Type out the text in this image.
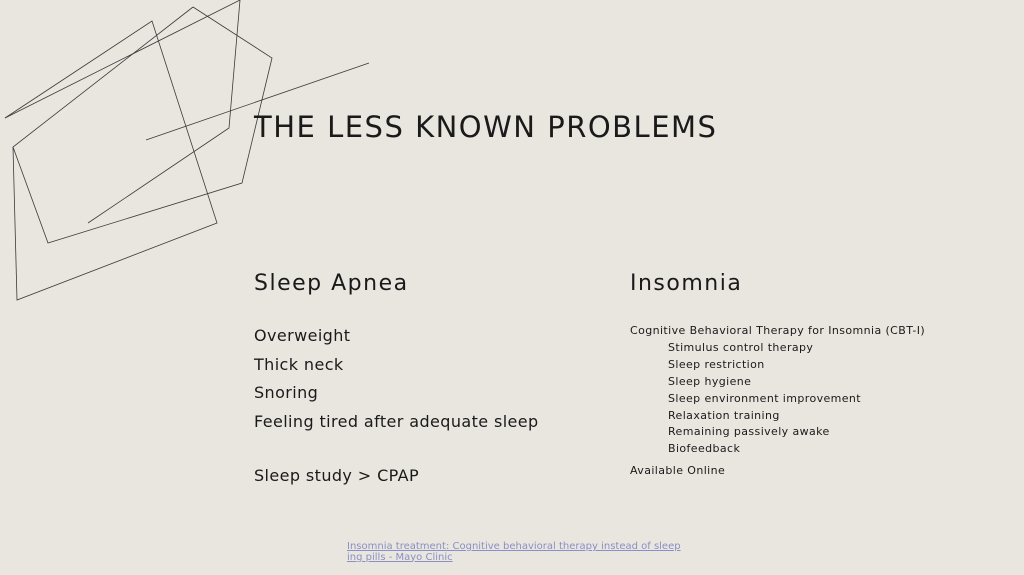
THE LESS KNOWN PROBLEMS
Sleep Apnea
Overweight
Thick neck
Snoring
Feeling tired after adequate sleep
Sleep study > CPAP
Insomnia
Cognitive Behavioral Therapy for Insomnia (CBT-I)
Stimulus control therapy
Sleep restriction
Sleep hygiene
Sleep environment improvement
Relaxation training
Remaining passively awake
Biofeedback
Available Online
Insomnia treatment: Cognitive behavioral therapy instead of sleeping pills - Mayo Clinic
